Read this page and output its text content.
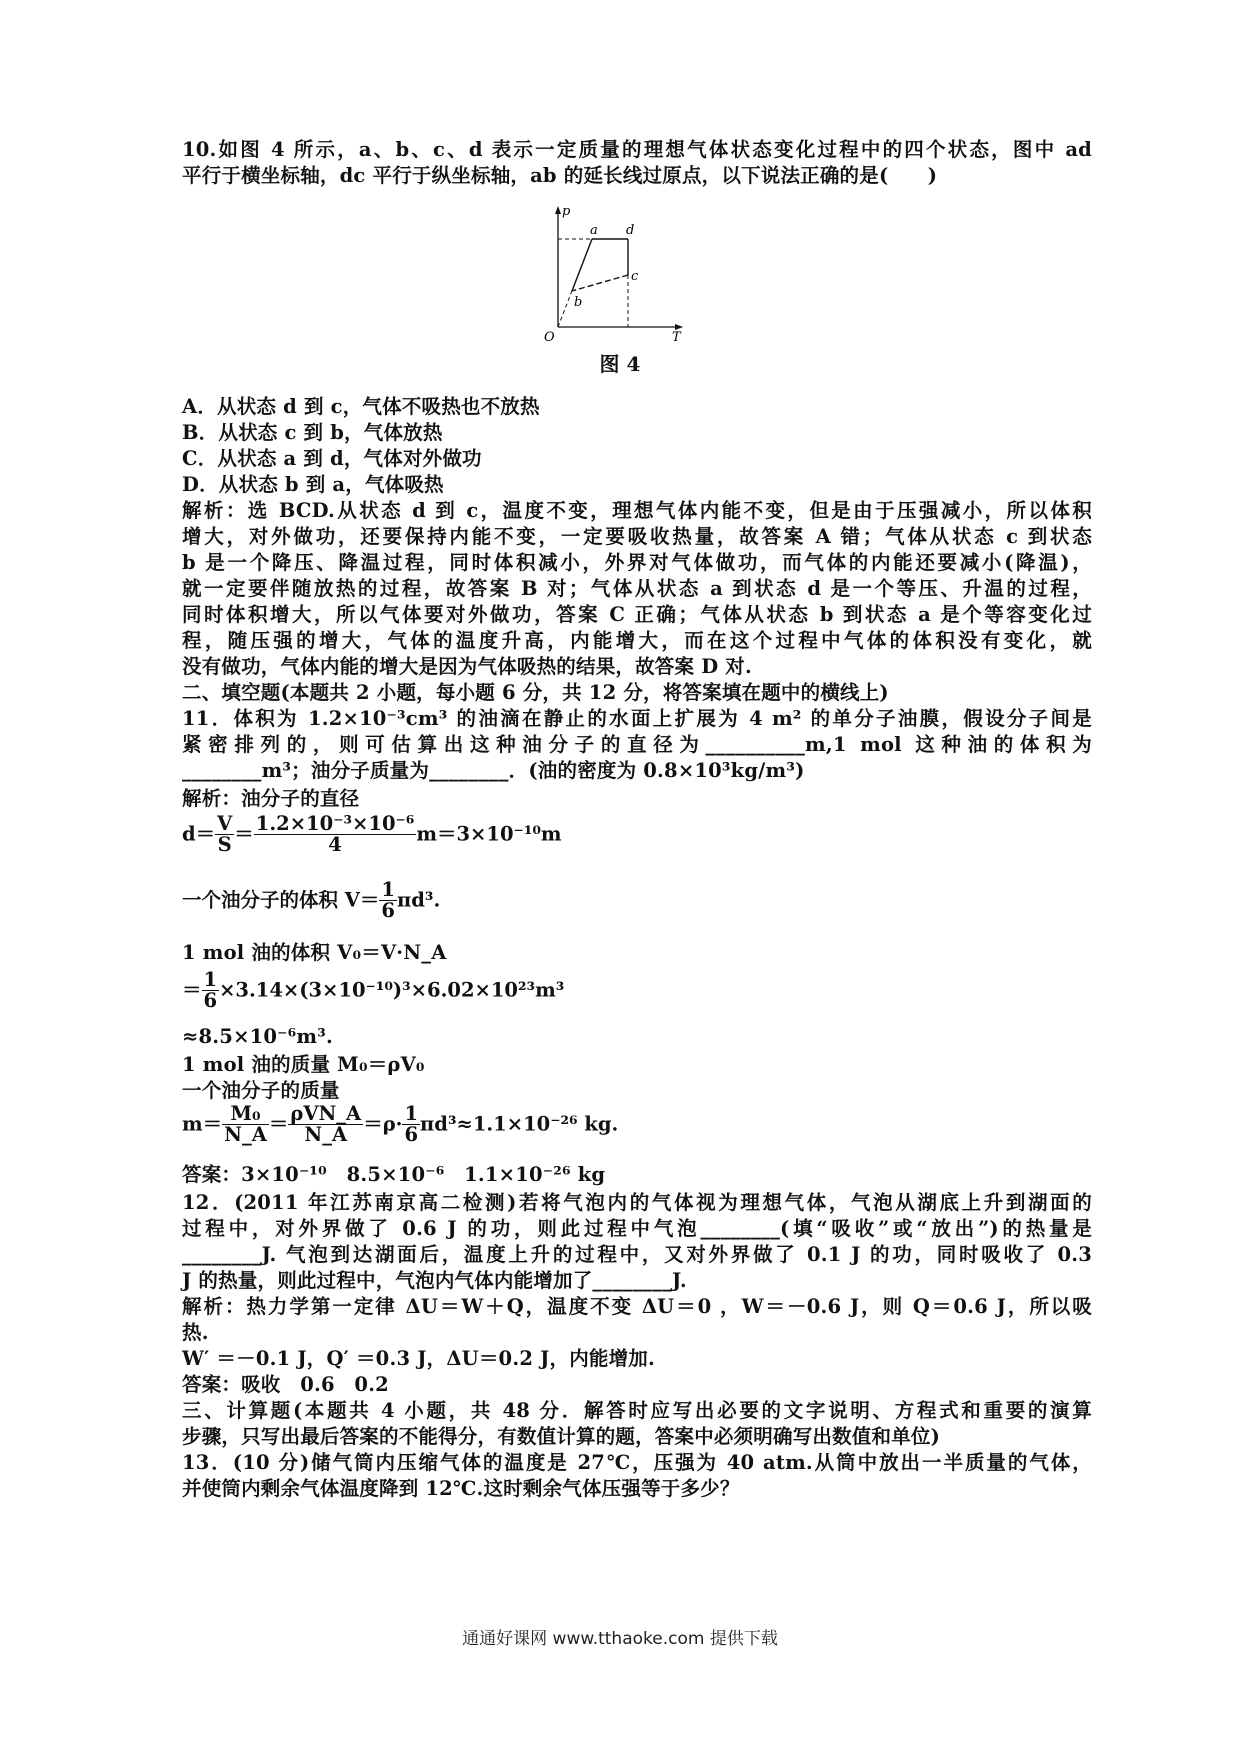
10.如图 4 所示，a、b、c、d 表示一定质量的理想气体状态变化过程中的四个状态，图中 ad
平行于横坐标轴，dc 平行于纵坐标轴，ab 的延长线过原点，以下说法正确的是(　　)
p
T
O
a d
c
b
图 4
A．从状态 d 到 c，气体不吸热也不放热
B．从状态 c 到 b，气体放热
C．从状态 a 到 d，气体对外做功
D．从状态 b 到 a，气体吸热
解析：选 BCD.从状态 d 到 c，温度不变，理想气体内能不变，但是由于压强减小，所以体积
增大，对外做功，还要保持内能不变，一定要吸收热量，故答案 A 错；气体从状态 c 到状态
b 是一个降压、降温过程，同时体积减小，外界对气体做功，而气体的内能还要减小(降温)，
就一定要伴随放热的过程，故答案 B 对；气体从状态 a 到状态 d 是一个等压、升温的过程，
同时体积增大，所以气体要对外做功，答案 C 正确；气体从状态 b 到状态 a 是个等容变化过
程，随压强的增大，气体的温度升高，内能增大，而在这个过程中气体的体积没有变化，就
没有做功，气体内能的增大是因为气体吸热的结果，故答案 D 对.
二、填空题(本题共 2 小题，每小题 6 分，共 12 分，将答案填在题中的横线上)
11．体积为 1.2×10⁻³cm³ 的油滴在静止的水面上扩展为 4 m² 的单分子油膜，假设分子间是
紧密排列的，则可估算出这种油分子的直径为__________m,1 mol 这种油的体积为
________m³；油分子质量为________．(油的密度为 0.8×10³kg/m³)
解析：油分子的直径
$d= \frac{V}{S} = \frac{\text{1.2×10⁻³×10⁻⁶}}{4} m=3\times 10^{-10}m$
一个油分子的体积 $V= \frac{1}{6} \pi d^3$.
1 mol 油的体积 V₀＝V·N_A
＝ $\frac{1}{6} \times 3.14\times(3\times 10^{-10})^3\times 6.02\times 10^{23}m^3$
≈8.5×10⁻⁶m³.
1 mol 油的质量 M₀＝ρV₀
一个油分子的质量
$m= \frac{\text{M₀}}{N\_A} = \frac{\text{ρVN\_A}}{N\_A} =\rho\cdot \frac{1}{6} \pi d^3\approx 1.1\times 10^{-26}$ kg.
答案：3×10⁻¹⁰　8.5×10⁻⁶　1.1×10⁻²⁶ kg
12．(2011 年江苏南京高二检测)若将气泡内的气体视为理想气体，气泡从湖底上升到湖面的
过程中，对外界做了 0.6 J 的功，则此过程中气泡________(填“吸收”或“放出”)的热量是
________J. 气泡到达湖面后，温度上升的过程中，又对外界做了 0.1 J 的功，同时吸收了 0.3
J 的热量，则此过程中，气泡内气体内能增加了________J.
解析：热力学第一定律 ΔU＝W＋Q，温度不变 ΔU＝0 ，W＝－0.6 J，则 Q＝0.6 J，所以吸
热.
W′ ＝－0.1 J，Q′ ＝0.3 J，ΔU＝0.2 J，内能增加.
答案：吸收　0.6　0.2
三、计算题(本题共 4 小题，共 48 分．解答时应写出必要的文字说明、方程式和重要的演算
步骤，只写出最后答案的不能得分，有数值计算的题，答案中必须明确写出数值和单位)
13．(10 分)储气筒内压缩气体的温度是 27℃，压强为 40 atm.从筒中放出一半质量的气体，
并使筒内剩余气体温度降到 12℃.这时剩余气体压强等于多少？
通通好课网 www.tthaoke.com 提供下载
